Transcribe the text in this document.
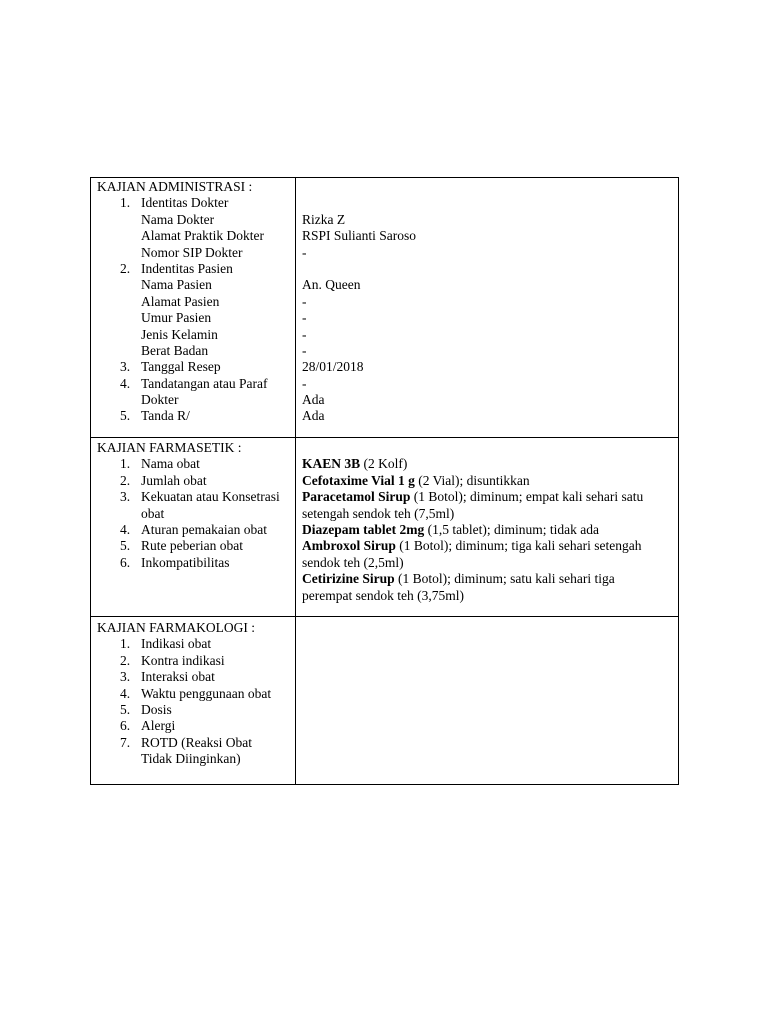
KAJIAN ADMINISTRASI :
1. Identitas Dokter
Nama Dokter
Alamat Praktik Dokter
Nomor SIP Dokter
2. Indentitas Pasien
Nama Pasien
Alamat Pasien
Umur Pasien
Jenis Kelamin
Berat Badan
3. Tanggal Resep
4. Tandatangan atau Paraf
Dokter
5. Tanda R/
Rizka Z
RSPI Sulianti Saroso
-
An. Queen
-
-
-
-
28/01/2018
-
Ada
Ada
KAJIAN FARMASETIK :
1. Nama obat
2. Jumlah obat
3. Kekuatan atau Konsetrasi
obat
4. Aturan pemakaian obat
5. Rute peberian obat
6. Inkompatibilitas
KAEN 3B (2 Kolf)
Cefotaxime Vial 1 g (2 Vial); disuntikkan
Paracetamol Sirup (1 Botol); diminum; empat kali sehari satu
setengah sendok teh (7,5ml)
Diazepam tablet 2mg (1,5 tablet); diminum; tidak ada
Ambroxol Sirup (1 Botol); diminum; tiga kali sehari setengah
sendok teh (2,5ml)
Cetirizine Sirup (1 Botol); diminum; satu kali sehari tiga
perempat sendok teh (3,75ml)
KAJIAN FARMAKOLOGI :
1. Indikasi obat
2. Kontra indikasi
3. Interaksi obat
4. Waktu penggunaan obat
5. Dosis
6. Alergi
7. ROTD (Reaksi Obat
Tidak Diinginkan)
